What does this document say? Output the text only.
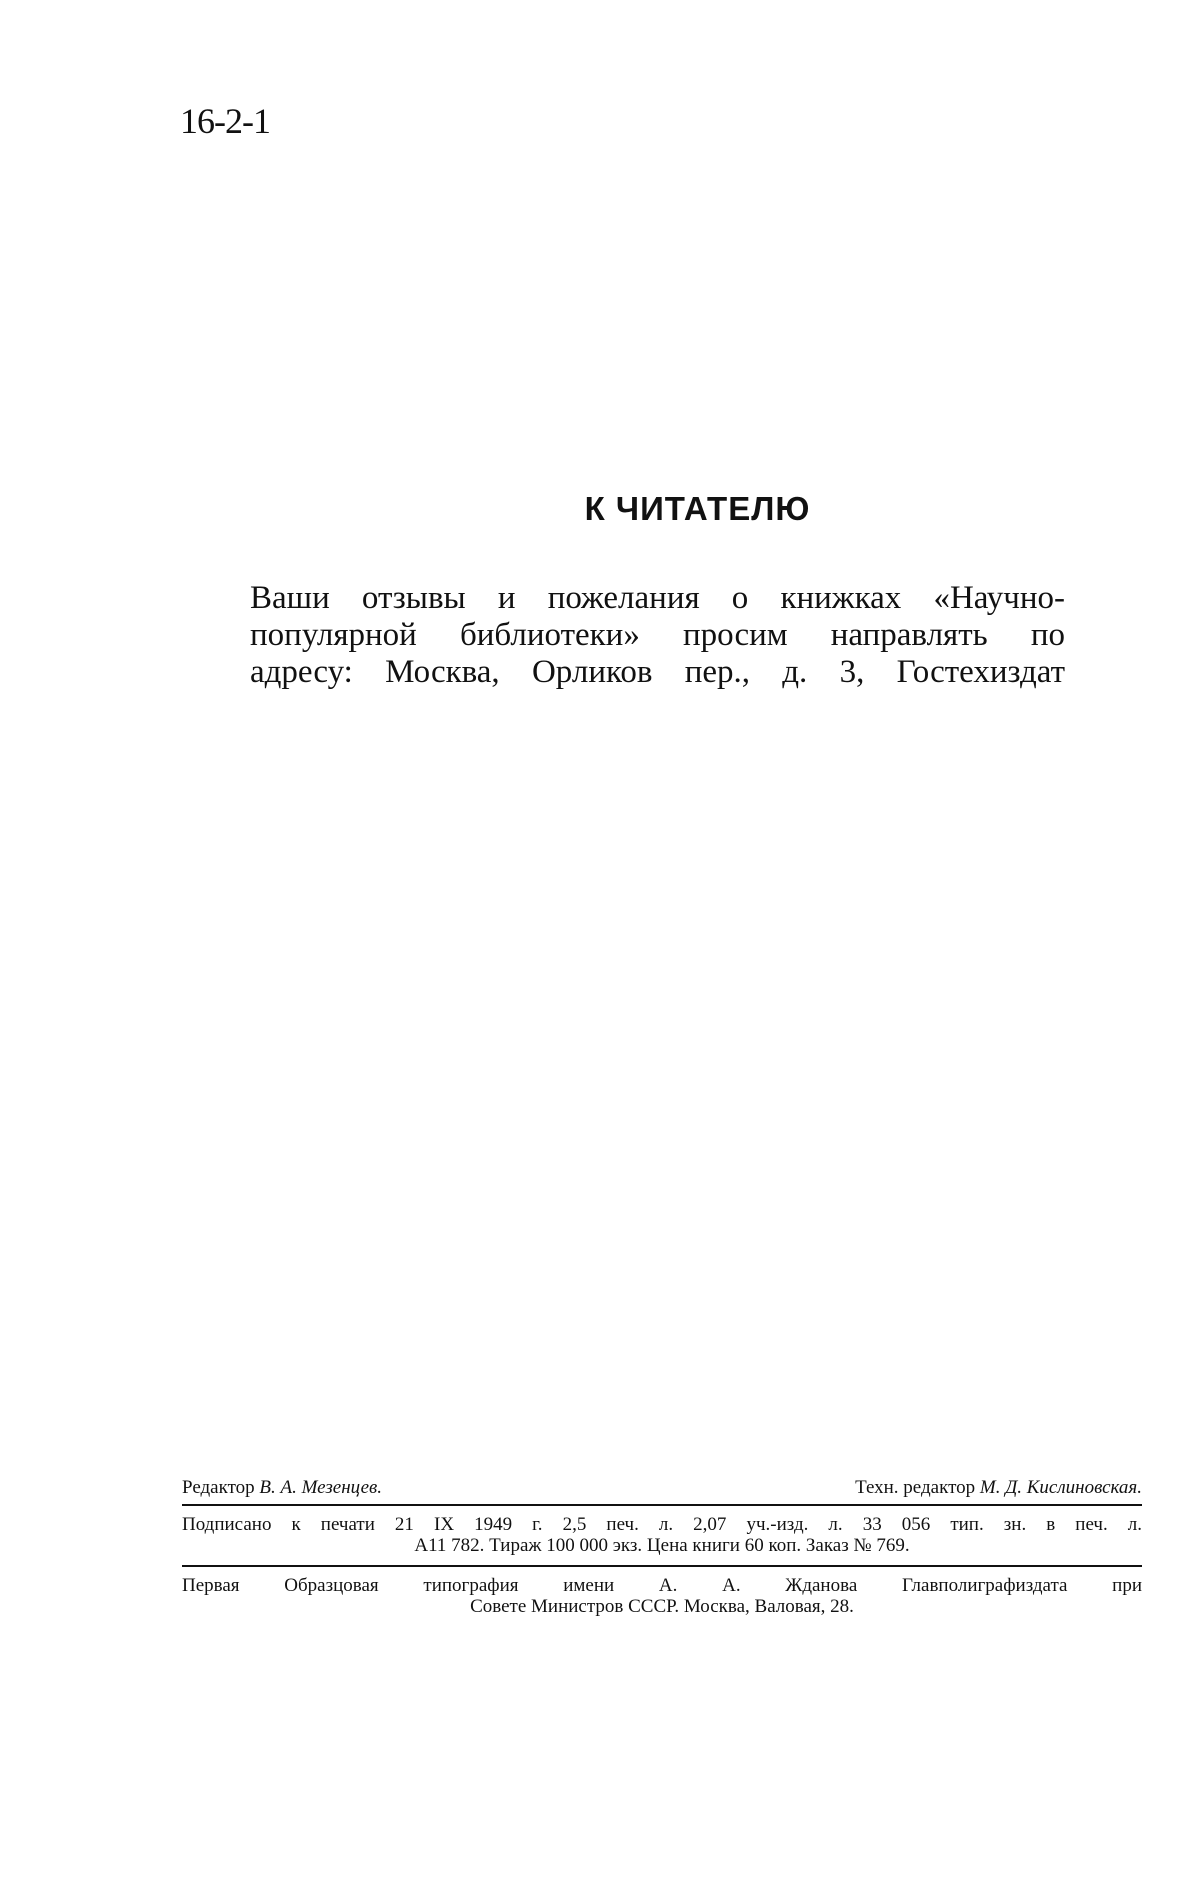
16-2-1
К ЧИТАТЕЛЮ

Ваши отзывы и пожелания о книжках «Научно-
популярной библиотеки» просим направлять по
адресу: Москва, Орликов пер., д. 3, Гостехиздат

Редактор В. А. Мезенцев.	Техн. редактор М. Д. Кислиновская.
Подписано к печати 21 IX 1949 г. 2,5 печ. л. 2,07 уч.-изд. л. 33 056 тип. зн. в печ. л.
А11 782. Тираж 100 000 экз. Цена книги 60 коп. Заказ № 769.
Первая Образцовая типография имени А. А. Жданова Главполиграфиздата при
Совете Министров СССР. Москва, Валовая, 28.
